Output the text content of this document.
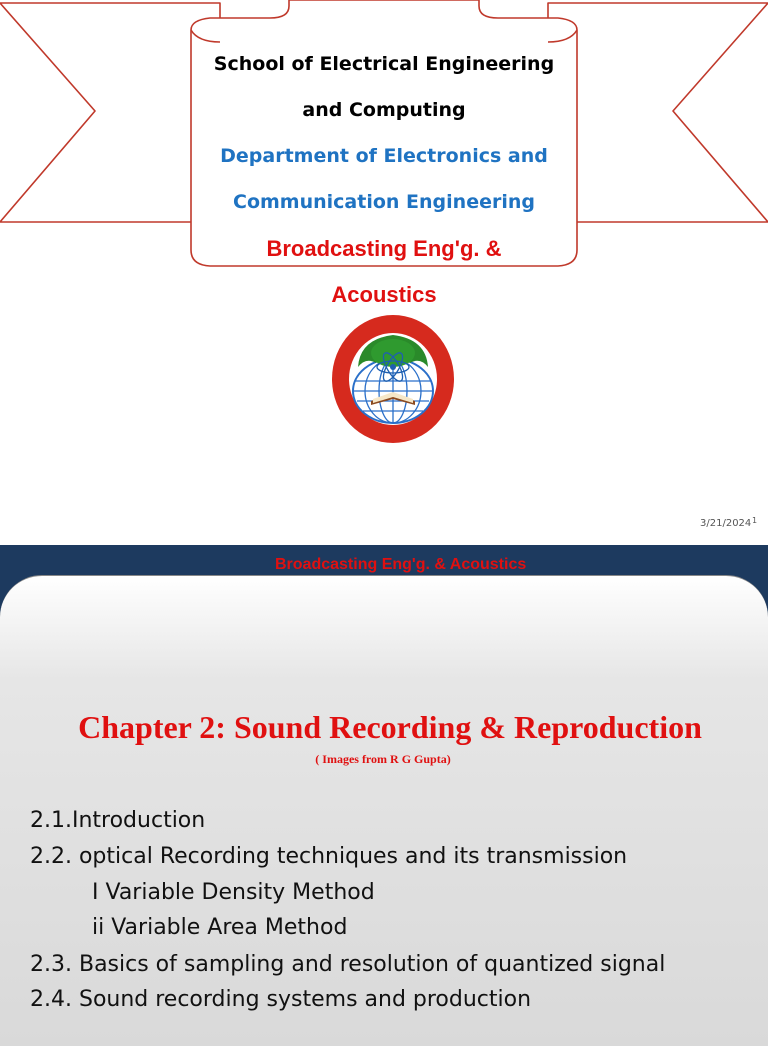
School of Electrical Engineering
and Computing
Department of Electronics and
Communication Engineering
Broadcasting Eng'g. &
Acoustics
3/21/2024 1
Broadcasting Eng'g. & Acoustics
Chapter 2: Sound Recording & Reproduction
( Images from R G Gupta)
2.1.Introduction
2.2. optical Recording techniques and its transmission
I Variable Density Method
ii Variable Area Method
2.3. Basics of sampling and resolution of quantized signal
2.4. Sound recording systems and production
